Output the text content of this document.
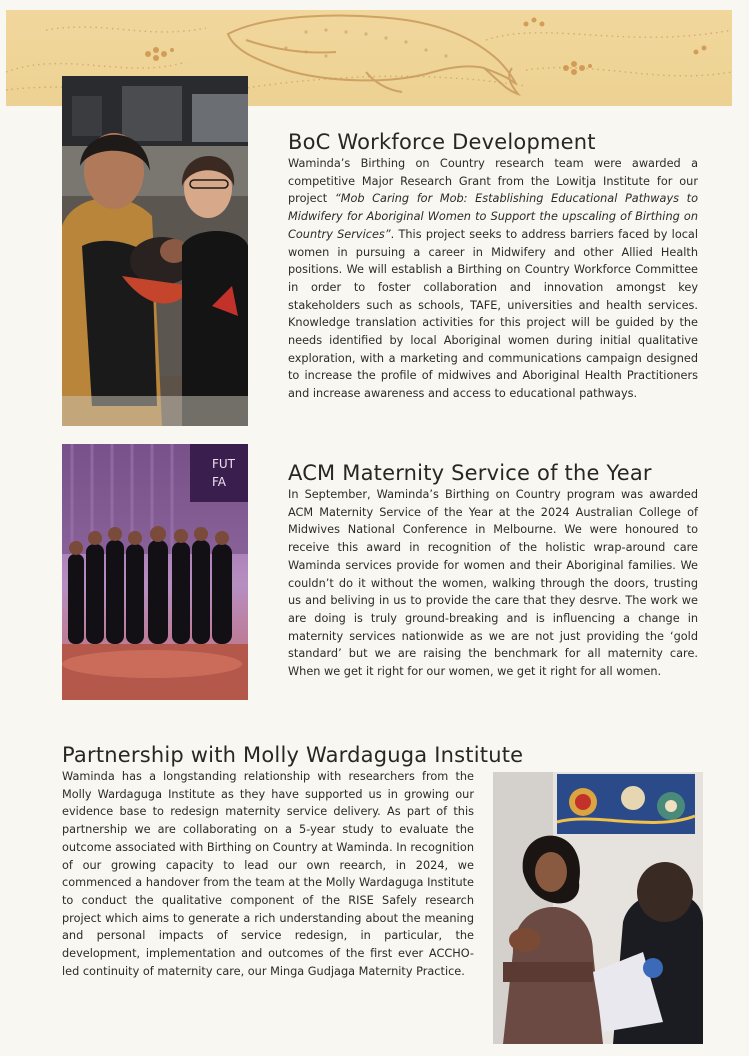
BoC Workforce Development

Waminda’s Birthing on Country research team were awarded a competitive Major Research Grant from the Lowitja Institute for our project “Mob Caring for Mob: Establishing Educational Pathways to Midwifery for Aboriginal Women to Support the upscaling of Birthing on Country Services”. This project seeks to address barriers faced by local women in pursuing a career in Midwifery and other Allied Health positions. We will establish a Birthing on Country Workforce Committee in order to foster collaboration and innovation amongst key stakeholders such as schools, TAFE, universities and health services. Knowledge translation activities for this project will be guided by the needs identified by local Aboriginal women during initial qualitative exploration, with a marketing and communications campaign designed to increase the profile of midwives and Aboriginal Health Practitioners and increase awareness and access to educational pathways.

FUT
FA	ACM Maternity Service of the Year

In September, Waminda’s Birthing on Country program was awarded ACM Maternity Service of the Year at the 2024 Australian College of Midwives National Conference in Melbourne. We were honoured to receive this award in recognition of the holistic wrap-around care Waminda services provide for women and their Aboriginal families. We couldn’t do it without the women, walking through the doors, trusting us and beliving in us to provide the care that they desrve. The work we are doing is truly ground-breaking and is influencing a change in maternity services nationwide as we are not just providing the ‘gold standard’ but we are raising the benchmark for all maternity care. When we get it right for our women, we get it right for all women.

Partnership with Molly Wardaguga Institute

Waminda has a longstanding relationship with researchers from the Molly Wardaguga Institute as they have supported us in growing our evidence base to redesign maternity service delivery. As part of this partnership we are collaborating on a 5-year study to evaluate the outcome associated with Birthing on Country at Waminda. In recognition of our growing capacity to lead our own reearch, in 2024, we commenced a handover from the team at the Molly Wardaguga Institute to conduct the qualitative component of the RISE Safely research project which aims to generate a rich understanding about the meaning and personal impacts of service redesign, in particular, the development, implementation and outcomes of the first ever ACCHO-led continuity of maternity care, our Minga Gudjaga Maternity Practice.
